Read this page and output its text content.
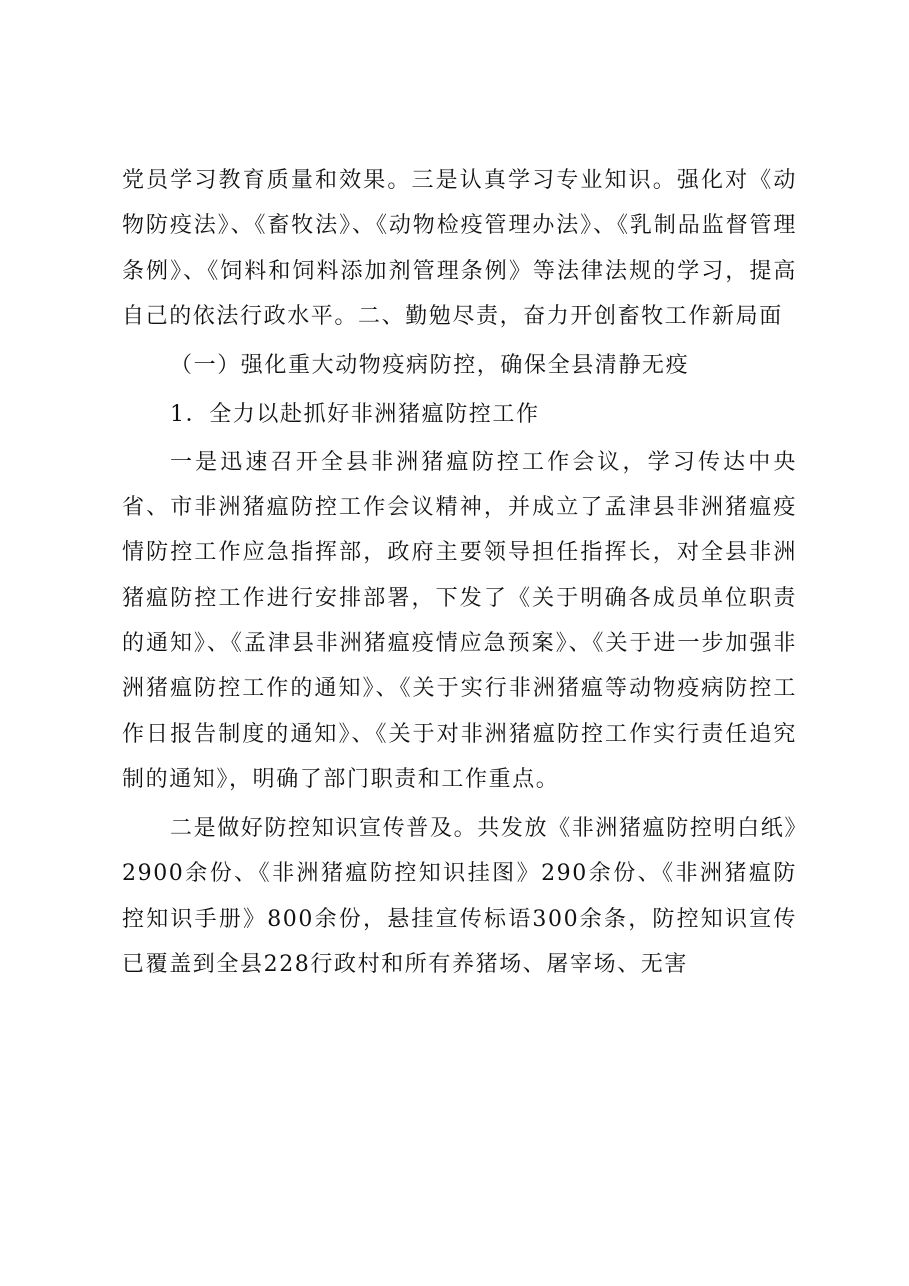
党员学习教育质量和效果。三是认真学习专业知识。强化对《动物防疫法》、《畜牧法》、《动物检疫管理办法》、《乳制品监督管理条例》、《饲料和饲料添加剂管理条例》等法律法规的学习，提高自己的依法行政水平。二、勤勉尽责，奋力开创畜牧工作新局面

（一）强化重大动物疫病防控，确保全县清静无疫

1．全力以赴抓好非洲猪瘟防控工作

一是迅速召开全县非洲猪瘟防控工作会议，学习传达中央省、市非洲猪瘟防控工作会议精神，并成立了孟津县非洲猪瘟疫情防控工作应急指挥部，政府主要领导担任指挥长，对全县非洲猪瘟防控工作进行安排部署，下发了《关于明确各成员单位职责的通知》、《孟津县非洲猪瘟疫情应急预案》、《关于进一步加强非洲猪瘟防控工作的通知》、《关于实行非洲猪瘟等动物疫病防控工作日报告制度的通知》、《关于对非洲猪瘟防控工作实行责任追究制的通知》，明确了部门职责和工作重点。

二是做好防控知识宣传普及。共发放《非洲猪瘟防控明白纸》2900余份、《非洲猪瘟防控知识挂图》290余份、《非洲猪瘟防控知识手册》800余份，悬挂宣传标语300余条，防控知识宣传已覆盖到全县228行政村和所有养猪场、屠宰场、无害
